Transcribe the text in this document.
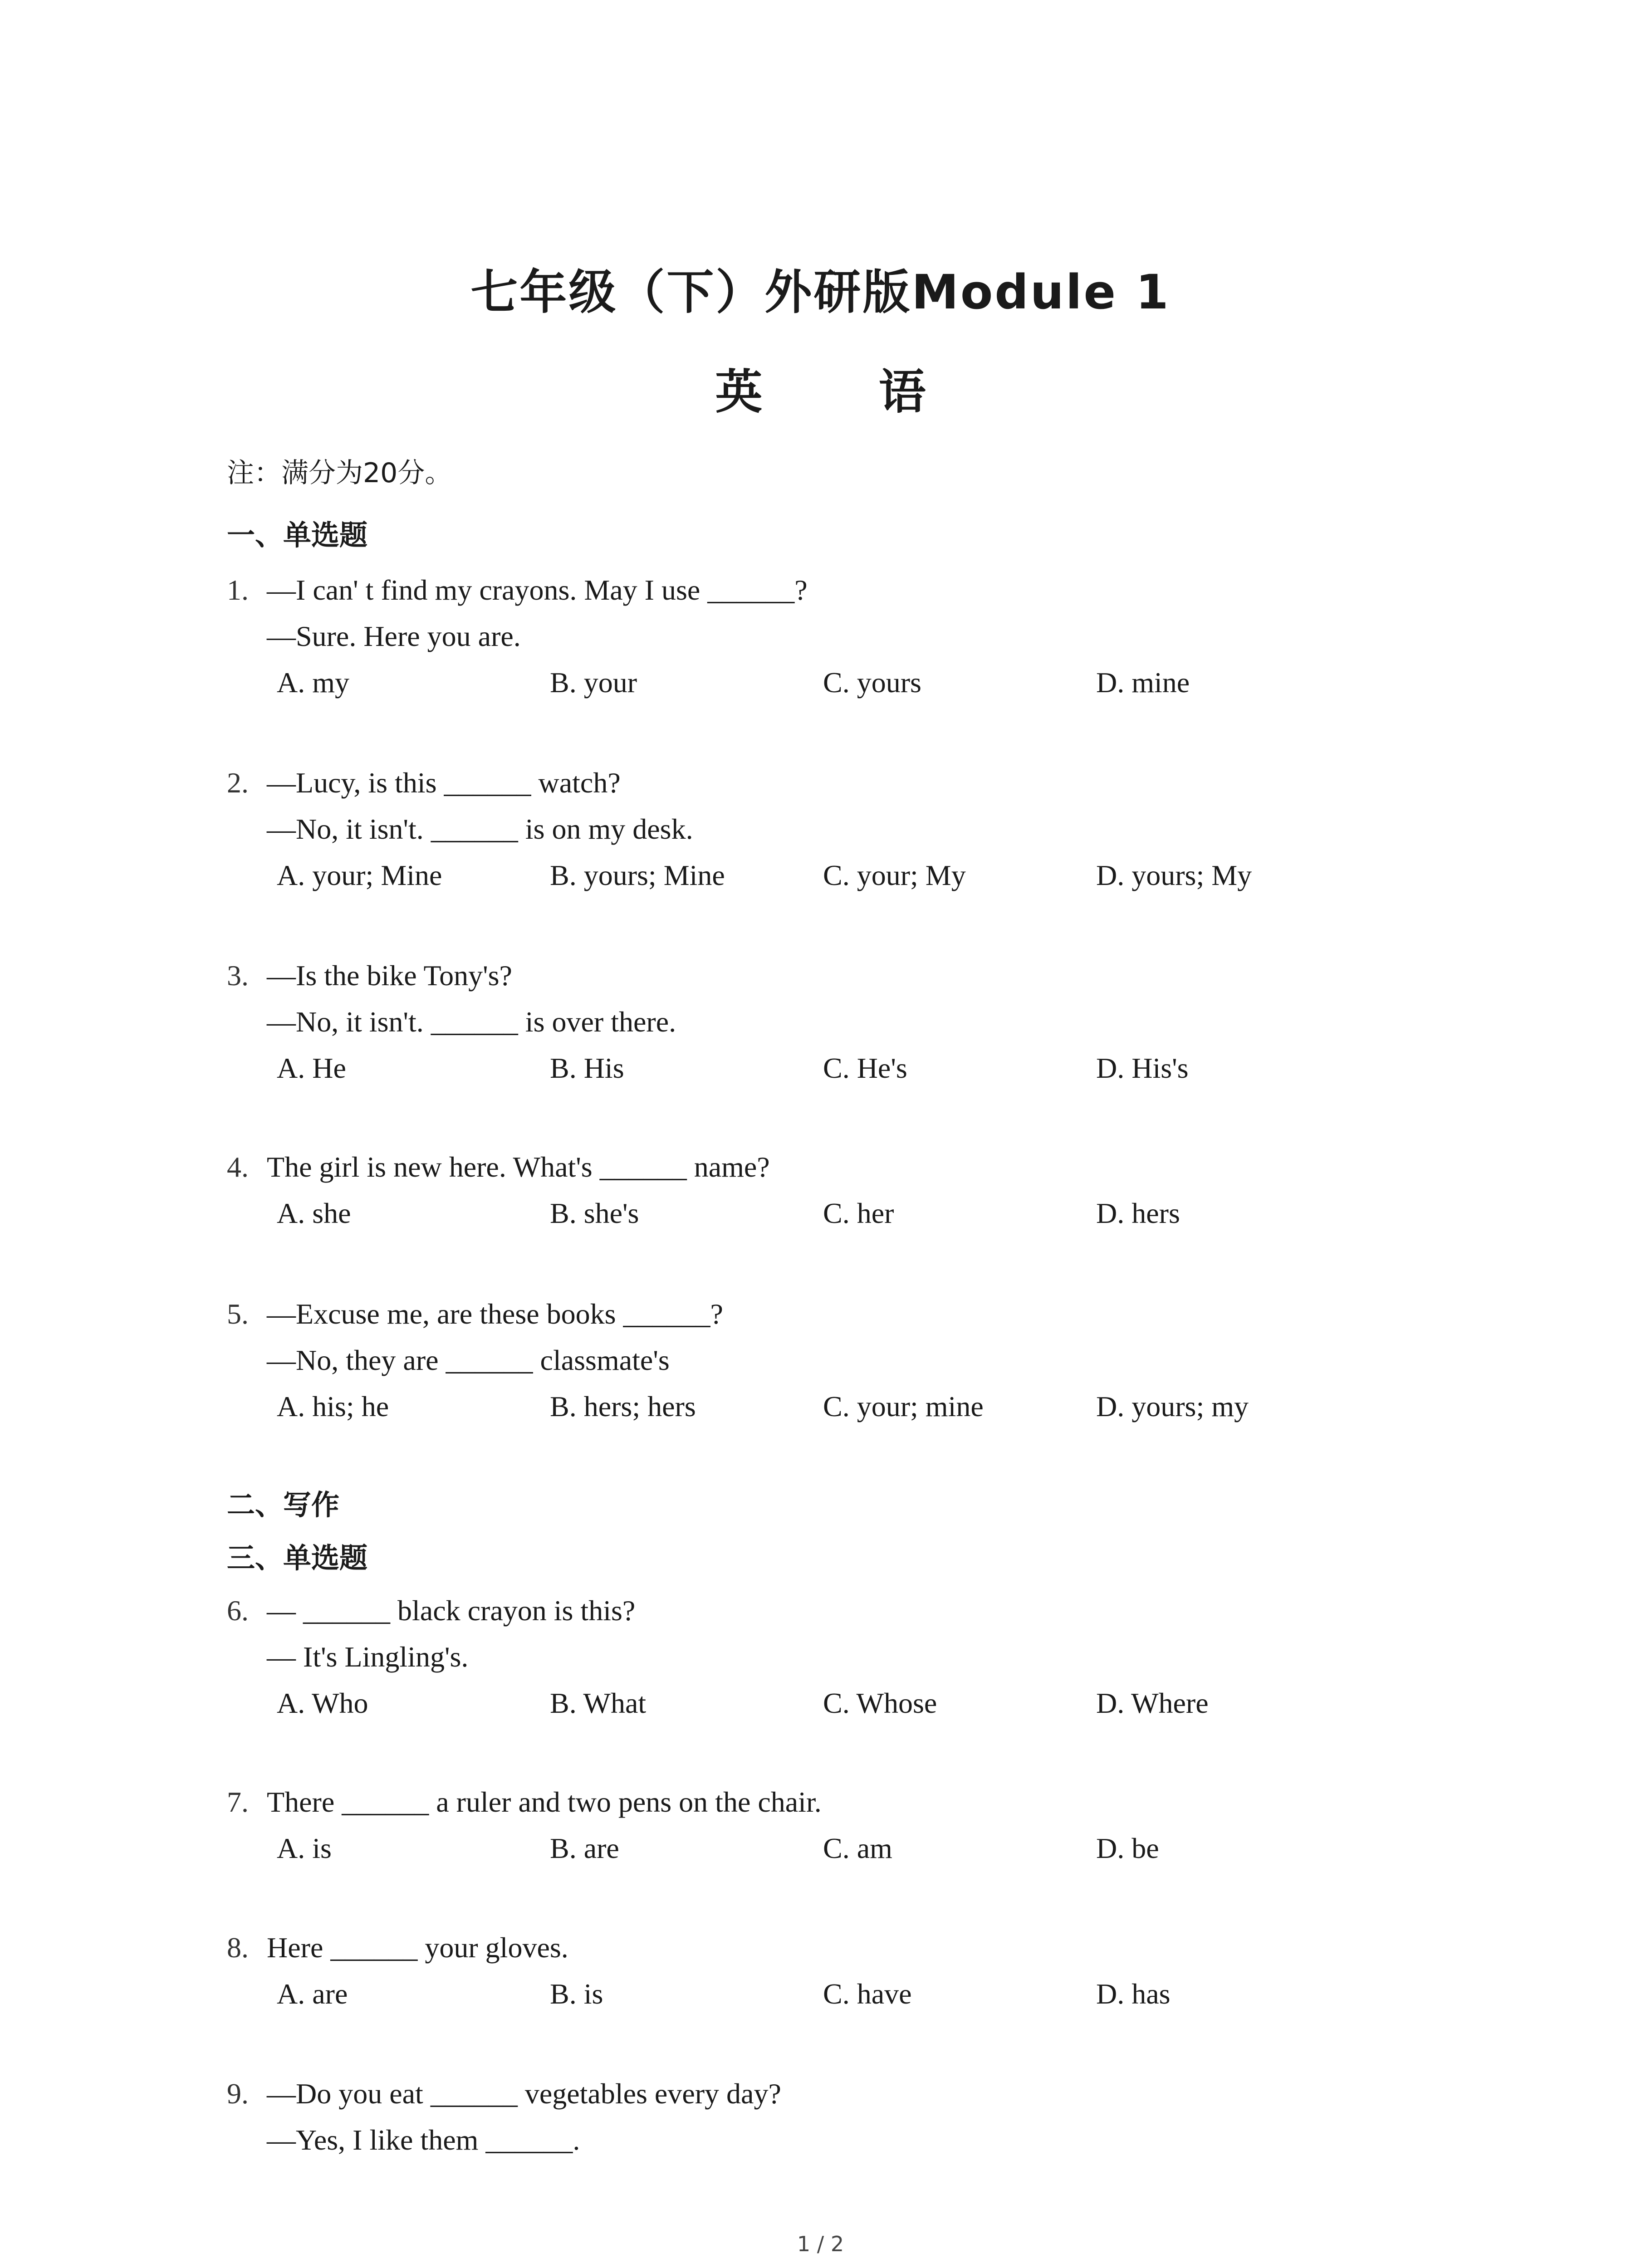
七年级（下）外研版Module 1
英 语
注：满分为20分。
一、单选题
1. —I can' t find my crayons. May I use ______?
—Sure. Here you are.
A. my	B. your	C. yours	D. mine
2. —Lucy, is this ______ watch?
—No, it isn't. ______ is on my desk.
A. your; Mine	B. yours; Mine	C. your; My	D. yours; My
3. —Is the bike Tony's?
—No, it isn't. ______ is over there.
A. He	B. His	C. He's	D. His's
4. The girl is new here. What's ______ name?
A. she	B. she's	C. her	D. hers
5. —Excuse me, are these books ______?
—No, they are ______ classmate's
A. his; he	B. hers; hers	C. your; mine	D. yours; my
二、写作
三、单选题
6. — ______ black crayon is this?
— It's Lingling's.
A. Who	B. What	C. Whose	D. Where
7. There ______ a ruler and two pens on the chair.
A. is	B. are	C. am	D. be
8. Here ______ your gloves.
A. are	B. is	C. have	D. has
9. —Do you eat ______ vegetables every day?
—Yes, I like them ______.
1 / 2
